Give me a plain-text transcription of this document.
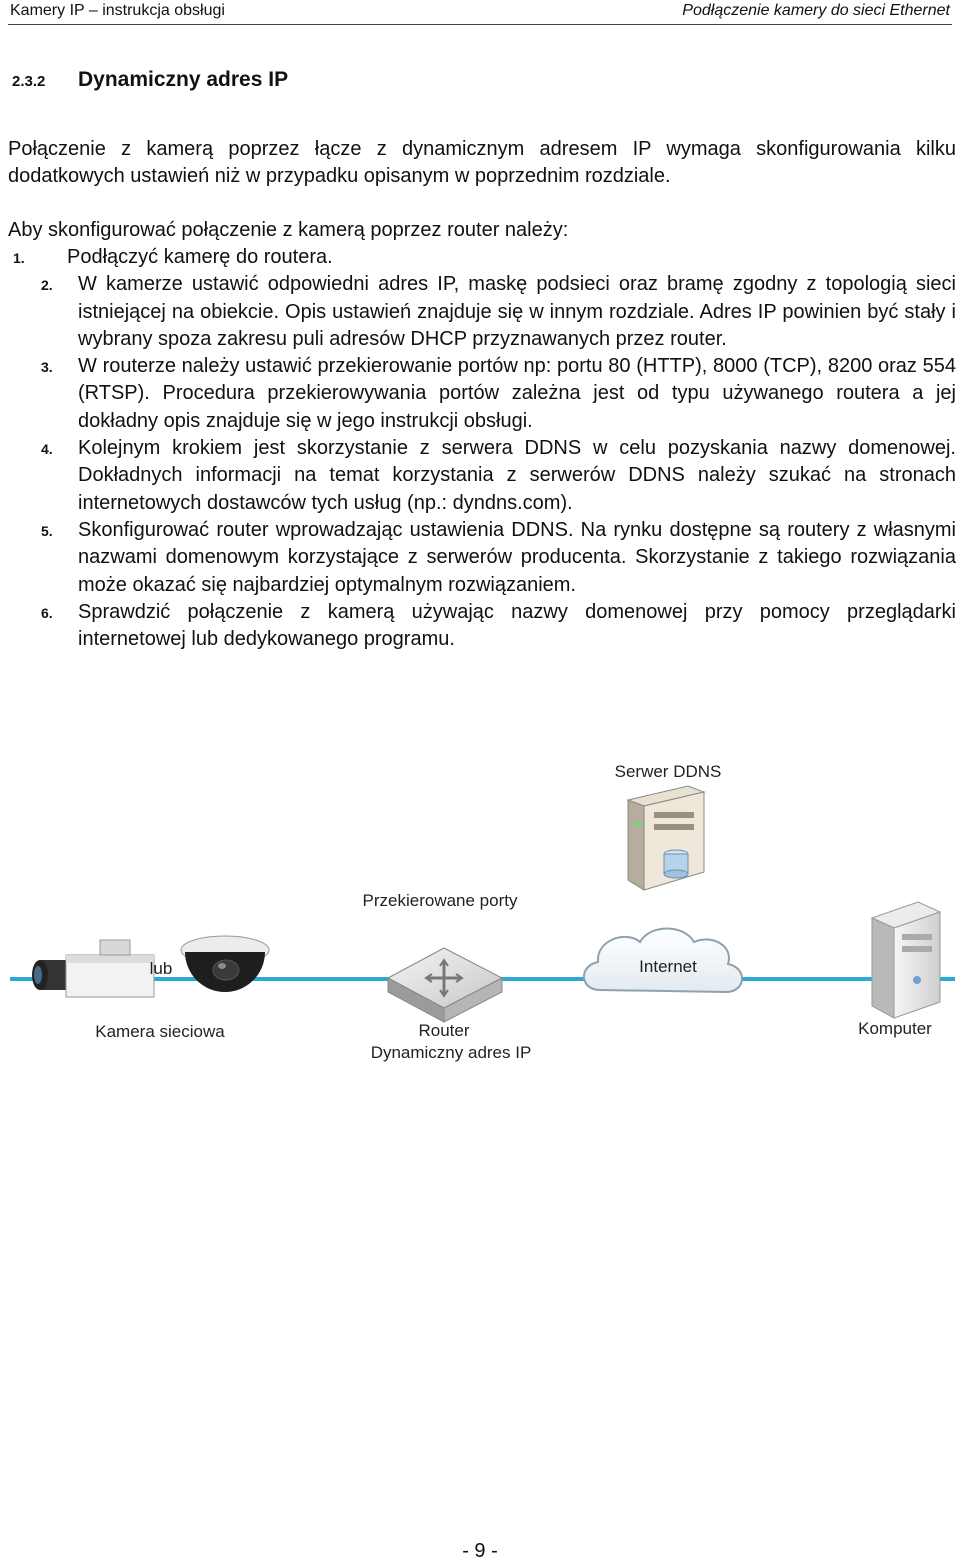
Kamery IP – instrukcja obsługi	Podłączenie kamery do sieci Ethernet
2.3.2 Dynamiczny adres IP
Połączenie z kamerą poprzez łącze z dynamicznym adresem IP wymaga skonfigurowania kilku dodatkowych ustawień niż w przypadku opisanym w poprzednim rozdziale.
Aby skonfigurować połączenie z kamerą poprzez router należy:
1. Podłączyć kamerę do routera.
2. W kamerze ustawić odpowiedni adres IP, maskę podsieci oraz bramę zgodny z topologią sieci istniejącej na obiekcie. Opis ustawień znajduje się w innym rozdziale. Adres IP powinien być stały i wybrany spoza zakresu puli adresów DHCP przyznawanych przez router.
3. W routerze należy ustawić przekierowanie portów np: portu 80 (HTTP), 8000 (TCP), 8200 oraz 554 (RTSP). Procedura przekierowywania portów zależna jest od typu używanego routera a jej dokładny opis znajduje się w jego instrukcji obsługi.
4. Kolejnym krokiem jest skorzystanie z serwera DDNS w celu pozyskania nazwy domenowej. Dokładnych informacji na temat korzystania z serwerów DDNS należy szukać na stronach internetowych dostawców tych usług (np.: dyndns.com).
5. Skonfigurować router wprowadzając ustawienia DDNS. Na rynku dostępne są routery z własnymi nazwami domenowym korzystające z serwerów producenta. Skorzystanie z takiego rozwiązania może okazać się najbardziej optymalnym rozwiązaniem.
6. Sprawdzić połączenie z kamerą używając nazwy domenowej przy pomocy przeglądarki internetowej lub dedykowanego programu.
Serwer DDNS
lub
Kamera sieciowa
Przekierowane porty
Router
Dynamiczny adres IP
Internet
Komputer
- 9 -
